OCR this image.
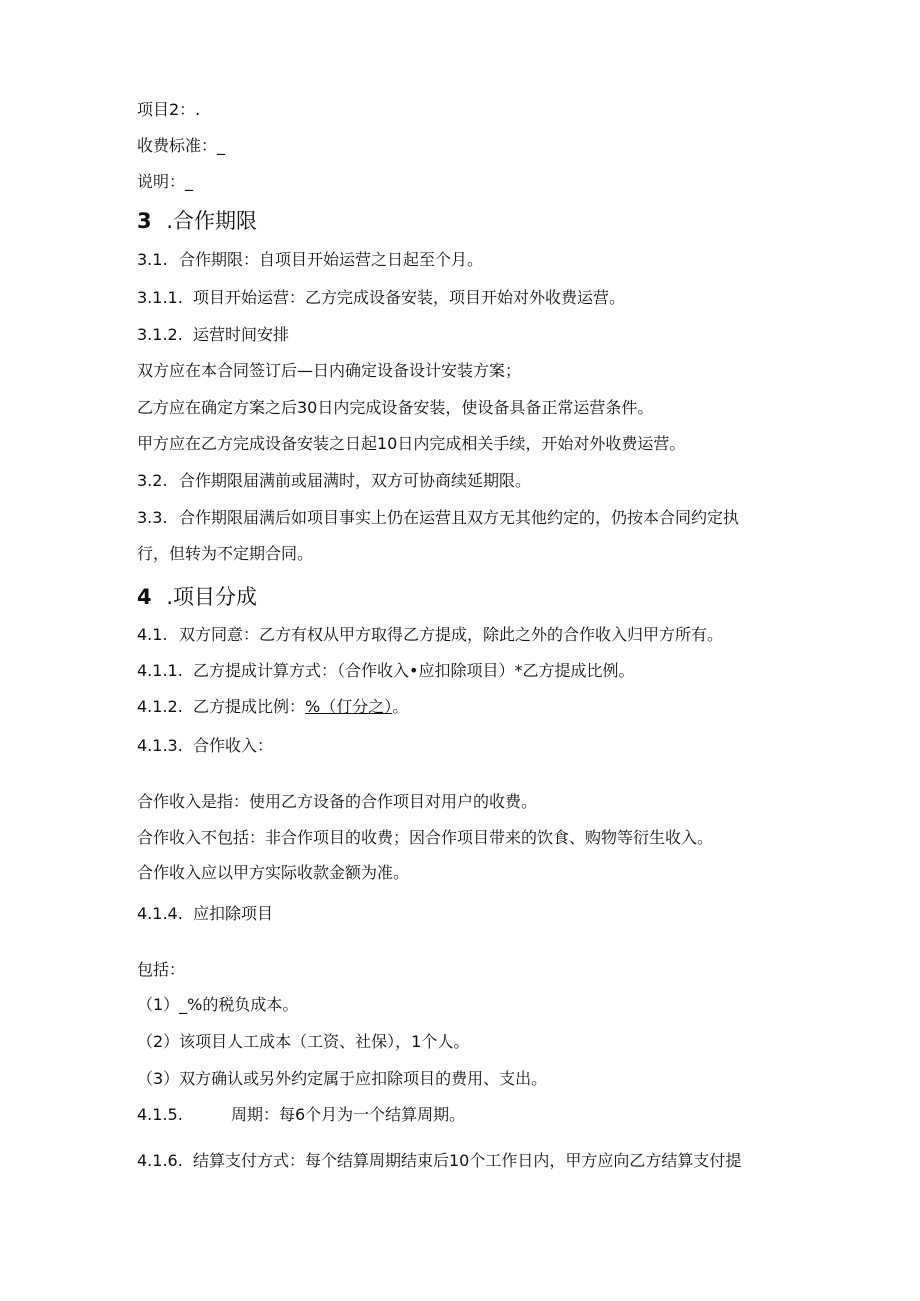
项目2：.
收费标准：_
说明：_
3 .合作期限
3.1. 合作期限：自项目开始运营之日起至个月。
3.1.1. 项目开始运营：乙方完成设备安装，项目开始对外收费运营。
3.1.2. 运营时间安排
双方应在本合同签订后—日内确定设备设计安装方案；
乙方应在确定方案之后30日内完成设备安装，使设备具备正常运营条件。
甲方应在乙方完成设备安装之日起10日内完成相关手续，开始对外收费运营。
3.2. 合作期限届满前或届满时，双方可协商续延期限。
3.3. 合作期限届满后如项目事实上仍在运营且双方无其他约定的，仍按本合同约定执
行，但转为不定期合同。
4 .项目分成
4.1. 双方同意：乙方有权从甲方取得乙方提成，除此之外的合作收入归甲方所有。
4.1.1. 乙方提成计算方式：（合作收入•应扣除项目）*乙方提成比例。
4.1.2. 乙方提成比例：%（仃分之）。
4.1.3. 合作收入：
合作收入是指：使用乙方设备的合作项目对用户的收费。
合作收入不包括：非合作项目的收费；因合作项目带来的饮食、购物等衍生收入。
合作收入应以甲方实际收款金额为准。
4.1.4. 应扣除项目
包括：
（1）_%的税负成本。
（2）该项目人工成本（工资、社保），1个人。
（3）双方确认或另外约定属于应扣除项目的费用、支出。
4.1.5.	周期：每6个月为一个结算周期。
4.1.6. 结算支付方式：每个结算周期结束后10个工作日内，甲方应向乙方结算支付提
